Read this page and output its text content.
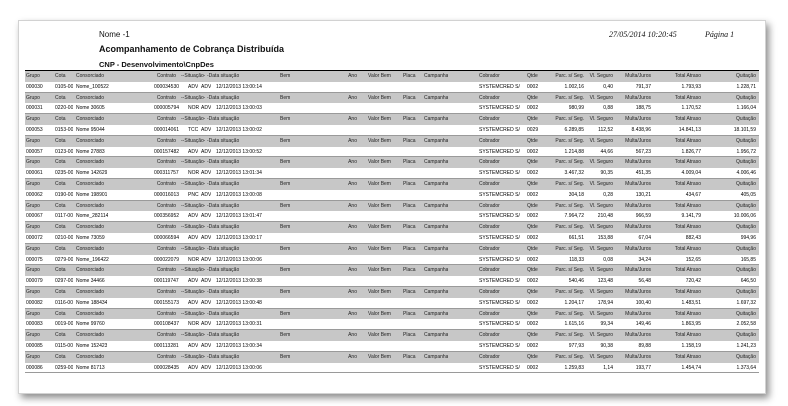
Nome -1	27/05/2014 10:20:45	Página 1
Acompanhamento de Cobrança Distribuída
CNP - Desenvolvimento\CnpDes
Grupo	Cota Consorciado	Contrato --Situação- -Data situação	Bem	Ano Valor Bem Placa Campanha	Cobrador	Qtde	Parc. s/ Seg.	Vl. Seguro	Multa/Juros	Total Atraso	Quitação
000030 0105-00 Nome_100522	000034530	ADV ADV 12/12/2013 13:00:14	SYSTEMCRED S/	0002	1.002,16	0,40	791,37	1.793,93	1.228,71
Grupo	Cota Consorciado	Contrato --Situação- -Data situação	Bem	Ano Valor Bem Placa Campanha	Cobrador	Qtde	Parc. s/ Seg.	Vl. Seguro	Multa/Juros	Total Atraso	Quitação
000031 0220-00 Nome 30605	000005794	NOR ADV 12/12/2013 13:00:03	SYSTEMCRED S/	0002	980,99	0,88	188,75	1.170,52	1.166,04
Grupo	Cota Consorciado	Contrato --Situação- -Data situação	Bem	Ano Valor Bem Placa Campanha	Cobrador	Qtde	Parc. s/ Seg.	Vl. Seguro	Multa/Juros	Total Atraso	Quitação
000053 0153-00 Nome 95044	000014061	TCC ADV 12/12/2013 13:00:02	SYSTEMCRED S/	0029	6.289,85	112,52	8.438,96	14.841,13	18.101,59
Grupo	Cota Consorciado	Contrato --Situação- -Data situação	Bem	Ano Valor Bem Placa Campanha	Cobrador	Qtde	Parc. s/ Seg.	Vl. Seguro	Multa/Juros	Total Atraso	Quitação
000057 0123-00 Nome 27883	000157482	ADV ADV 12/12/2013 13:00:52	SYSTEMCRED S/	0002	1.214,88	44,66	567,23	1.826,77	1.956,72
Grupo	Cota Consorciado	Contrato --Situação- -Data situação	Bem	Ano Valor Bem Placa Campanha	Cobrador	Qtde	Parc. s/ Seg.	Vl. Seguro	Multa/Juros	Total Atraso	Quitação
000061 0235-00 Nome 142629	000311757	NOR ADV 12/12/2013 13:01:34	SYSTEMCRED S/	0002	3.467,32	90,35	451,35	4.009,04	4.006,46
Grupo	Cota Consorciado	Contrato --Situação- -Data situação	Bem	Ano Valor Bem Placa Campanha	Cobrador	Qtde	Parc. s/ Seg.	Vl. Seguro	Multa/Juros	Total Atraso	Quitação
000062 0190-00 Nome 198901	000016013	PNC ADV 12/12/2013 13:00:08	SYSTEMCRED S/	0002	304,18	0,28	130,21	434,67	405,05
Grupo	Cota Consorciado	Contrato --Situação- -Data situação	Bem	Ano Valor Bem Placa Campanha	Cobrador	Qtde	Parc. s/ Seg.	Vl. Seguro	Multa/Juros	Total Atraso	Quitação
000067 0117-00 Nome_282114	000356952	ADV ADV 12/12/2013 13:01:47	SYSTEMCRED S/	0002	7.964,72	210,48	966,59	9.141,79	10.006,06
Grupo	Cota Consorciado	Contrato --Situação- -Data situação	Bem	Ano Valor Bem Placa Campanha	Cobrador	Qtde	Parc. s/ Seg.	Vl. Seguro	Multa/Juros	Total Atraso	Quitação
000072 0210-00 Nome 73059	000066594	ADV ADV 12/12/2013 13:00:17	SYSTEMCRED S/	0002	661,51	153,88	67,04	882,43	994,96
Grupo	Cota Consorciado	Contrato --Situação- -Data situação	Bem	Ano Valor Bem Placa Campanha	Cobrador	Qtde	Parc. s/ Seg.	Vl. Seguro	Multa/Juros	Total Atraso	Quitação
000075 0279-00 Nome_196422	000022079	NOR ADV 12/12/2013 13:00:06	SYSTEMCRED S/	0002	118,33	0,08	34,24	152,65	165,85
Grupo	Cota Consorciado	Contrato --Situação- -Data situação	Bem	Ano Valor Bem Placa Campanha	Cobrador	Qtde	Parc. s/ Seg.	Vl. Seguro	Multa/Juros	Total Atraso	Quitação
000079 0297-00 Nome 34466	000119747	ADV ADV 12/12/2013 13:00:38	SYSTEMCRED S/	0002	540,46	123,48	56,48	720,42	646,50
Grupo	Cota Consorciado	Contrato --Situação- -Data situação	Bem	Ano Valor Bem Placa Campanha	Cobrador	Qtde	Parc. s/ Seg.	Vl. Seguro	Multa/Juros	Total Atraso	Quitação
000082 0116-00 Nome 188434	000155173	ADV ADV 12/12/2013 13:00:48	SYSTEMCRED S/	0002	1.204,17	178,94	100,40	1.483,51	1.697,32
Grupo	Cota Consorciado	Contrato --Situação- -Data situação	Bem	Ano Valor Bem Placa Campanha	Cobrador	Qtde	Parc. s/ Seg.	Vl. Seguro	Multa/Juros	Total Atraso	Quitação
000083 0019-00 Nome 99760	000108437	NOR ADV 12/12/2013 13:00:31	SYSTEMCRED S/	0002	1.615,16	99,34	149,46	1.863,95	2.052,58
Grupo	Cota Consorciado	Contrato --Situação- -Data situação	Bem	Ano Valor Bem Placa Campanha	Cobrador	Qtde	Parc. s/ Seg.	Vl. Seguro	Multa/Juros	Total Atraso	Quitação
000085 0115-00 Nome 152423	000113281	ADV ADV 12/12/2013 13:00:34	SYSTEMCRED S/	0002	977,93	90,38	89,88	1.158,19	1.241,23
Grupo	Cota Consorciado	Contrato --Situação- -Data situação	Bem	Ano Valor Bem Placa Campanha	Cobrador	Qtde	Parc. s/ Seg.	Vl. Seguro	Multa/Juros	Total Atraso	Quitação
000086 0259-00 Nome 81713	000028435	ADV ADV 12/12/2013 13:00:06	SYSTEMCRED S/	0002	1.259,83	1,14	193,77	1.454,74	1.373,64
